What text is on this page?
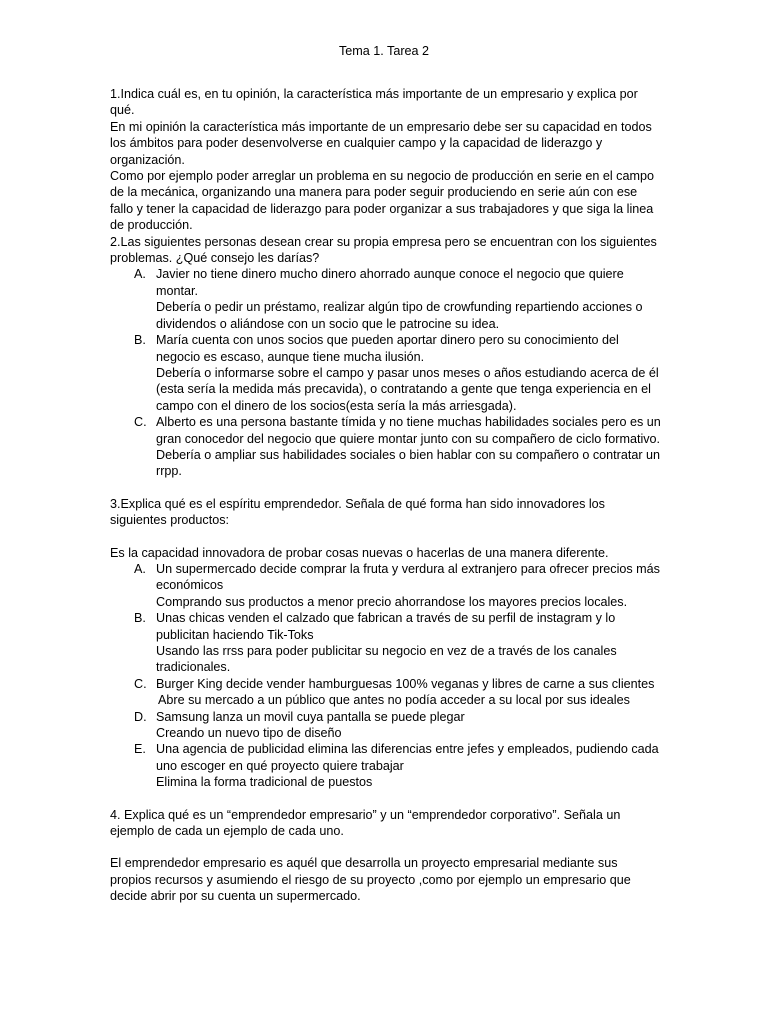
Tema 1. Tarea 2

1.Indica cuál es, en tu opinión, la característica más importante de un empresario y explica por qué.

En mi opinión la característica más importante de un empresario debe ser su capacidad en todos los ámbitos para poder desenvolverse en cualquier campo y la capacidad de liderazgo y organización.

Como por ejemplo poder arreglar un problema en su negocio de producción en serie en el campo de la mecánica, organizando una manera para poder seguir produciendo en serie aún con ese fallo y tener la capacidad de liderazgo para poder organizar a sus trabajadores y que siga la linea de producción.

2.Las siguientes personas desean crear su propia empresa pero se encuentran con los siguientes problemas. ¿Qué consejo les darías?

A. Javier no tiene dinero mucho dinero ahorrado aunque conoce el negocio que quiere montar.

Debería o pedir un préstamo, realizar algún tipo de crowfunding repartiendo acciones o dividendos o aliándose con un socio que le patrocine su idea.

B. María cuenta con unos socios que pueden aportar dinero pero su conocimiento del negocio es escaso, aunque tiene mucha ilusión.

Debería o informarse sobre el campo y pasar unos meses o años estudiando acerca de él (esta sería la medida más precavida), o contratando a gente que tenga experiencia en el campo con el dinero de los socios(esta sería la más arriesgada).

C. Alberto es una persona bastante tímida y no tiene muchas habilidades sociales pero es un gran conocedor del negocio que quiere montar junto con su compañero de ciclo formativo.

Debería o ampliar sus habilidades sociales o bien hablar con su compañero o contratar un rrpp.

3.Explica qué es el espíritu emprendedor. Señala de qué forma han sido innovadores los siguientes productos:

Es la capacidad innovadora de probar cosas nuevas o hacerlas de una manera diferente.

A. Un supermercado decide comprar la fruta y verdura al extranjero para ofrecer precios más económicos

Comprando sus productos a menor precio ahorrandose los mayores precios locales.

B. Unas chicas venden el calzado que fabrican a través de su perfil de instagram y lo publicitan haciendo Tik-Toks

Usando las rrss para poder publicitar su negocio en vez de a través de los canales tradicionales.

C. Burger King decide vender hamburguesas 100% veganas y libres de carne a sus clientes

Abre su mercado a un público que antes no podía acceder a su local por sus ideales

D. Samsung lanza un movil cuya pantalla se puede plegar

Creando un nuevo tipo de diseño

E. Una agencia de publicidad elimina las diferencias entre jefes y empleados, pudiendo cada uno escoger en qué proyecto quiere trabajar

Elimina la forma tradicional de puestos

4. Explica qué es un “emprendedor empresario” y un “emprendedor corporativo”. Señala un ejemplo de cada un ejemplo de cada uno.

El emprendedor empresario es aquél que desarrolla un proyecto empresarial mediante sus propios recursos y asumiendo el riesgo de su proyecto ,como por ejemplo un empresario que decide abrir por su cuenta un supermercado.
